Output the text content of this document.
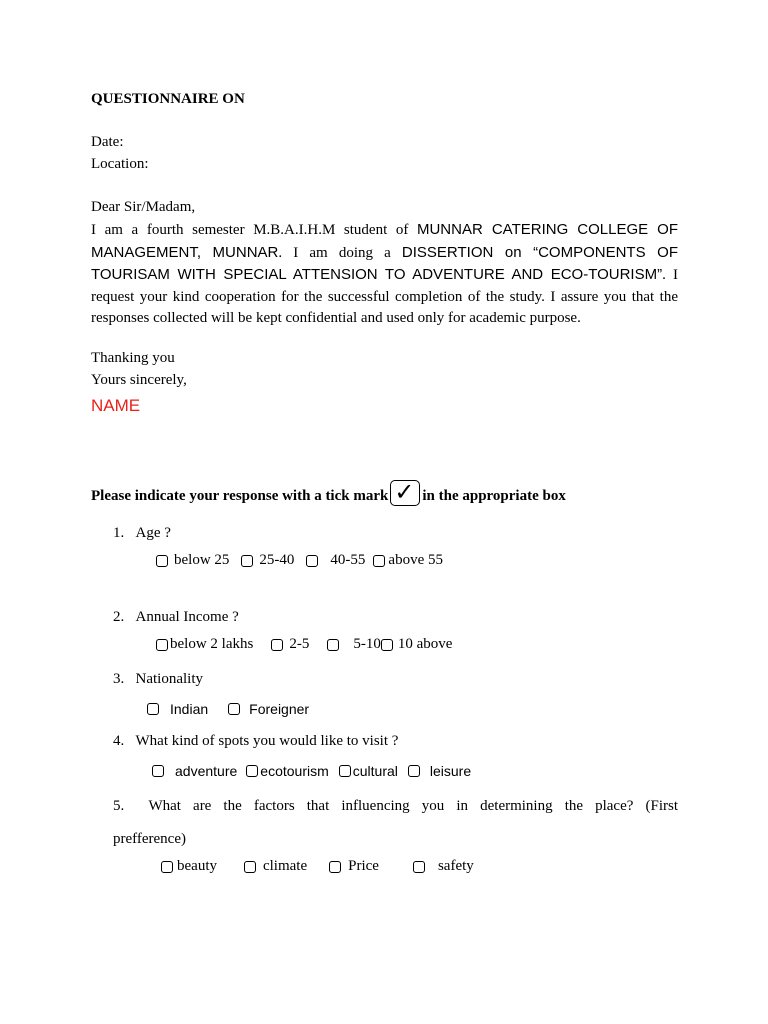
QUESTIONNAIRE ON
Date:
Location:
Dear Sir/Madam,
I am a fourth semester M.B.A.I.H.M student of MUNNAR CATERING COLLEGE OF MANAGEMENT, MUNNAR. I am doing a DISSERTION on “COMPONENTS OF TOURISAM WITH SPECIAL ATTENSION TO ADVENTURE AND ECO-TOURISM”. I request your kind cooperation for the successful completion of the study. I assure you that the responses collected will be kept confidential and used only for academic purpose.
Thanking you
Yours sincerely,
NAME
Please indicate your response with a tick mark ✓ in the appropriate box
1. Age ?
below 25 25-40 40-55 above 55
2. Annual Income ?
below 2 lakhs 2-5	5-10 10 above
3. Nationality
Indian	Foreigner
4. What kind of spots you would like to visit ?
adventure ecotourism cultural leisure
5. What are the factors that influencing you in determining the place? (First
prefference)
beauty	climate	Price	safety
